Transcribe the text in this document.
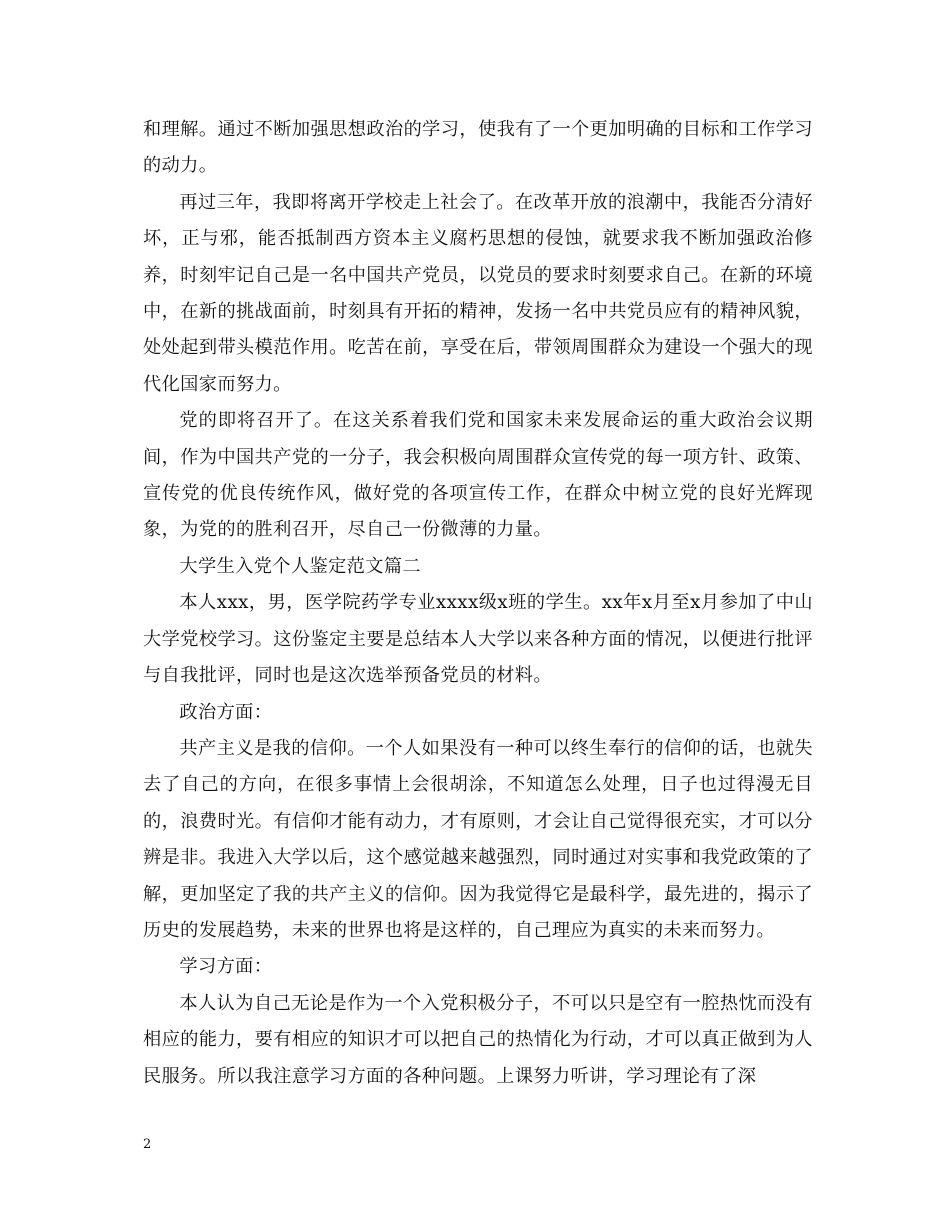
和理解。通过不断加强思想政治的学习，使我有了一个更加明确的目标和工作学习的动力。

再过三年，我即将离开学校走上社会了。在改革开放的浪潮中，我能否分清好坏，正与邪，能否抵制西方资本主义腐朽思想的侵蚀，就要求我不断加强政治修养，时刻牢记自己是一名中国共产党员，以党员的要求时刻要求自己。在新的环境中，在新的挑战面前，时刻具有开拓的精神，发扬一名中共党员应有的精神风貌，处处起到带头模范作用。吃苦在前，享受在后，带领周围群众为建设一个强大的现代化国家而努力。

党的即将召开了。在这关系着我们党和国家未来发展命运的重大政治会议期间，作为中国共产党的一分子，我会积极向周围群众宣传党的每一项方针、政策、宣传党的优良传统作风，做好党的各项宣传工作，在群众中树立党的良好光辉现象，为党的的胜利召开，尽自己一份微薄的力量。

大学生入党个人鉴定范文篇二

本人xxx，男，医学院药学专业xxxx级x班的学生。xx年x月至x月参加了中山大学党校学习。这份鉴定主要是总结本人大学以来各种方面的情况，以便进行批评与自我批评，同时也是这次选举预备党员的材料。

政治方面：

共产主义是我的信仰。一个人如果没有一种可以终生奉行的信仰的话，也就失去了自己的方向，在很多事情上会很胡涂，不知道怎么处理，日子也过得漫无目的，浪费时光。有信仰才能有动力，才有原则，才会让自己觉得很充实，才可以分辨是非。我进入大学以后，这个感觉越来越强烈，同时通过对实事和我党政策的了解，更加坚定了我的共产主义的信仰。因为我觉得它是最科学，最先进的，揭示了历史的发展趋势，未来的世界也将是这样的，自己理应为真实的未来而努力。

学习方面：

本人认为自己无论是作为一个入党积极分子，不可以只是空有一腔热忱而没有相应的能力，要有相应的知识才可以把自己的热情化为行动，才可以真正做到为人民服务。所以我注意学习方面的各种问题。上课努力听讲，学习理论有了深

2
